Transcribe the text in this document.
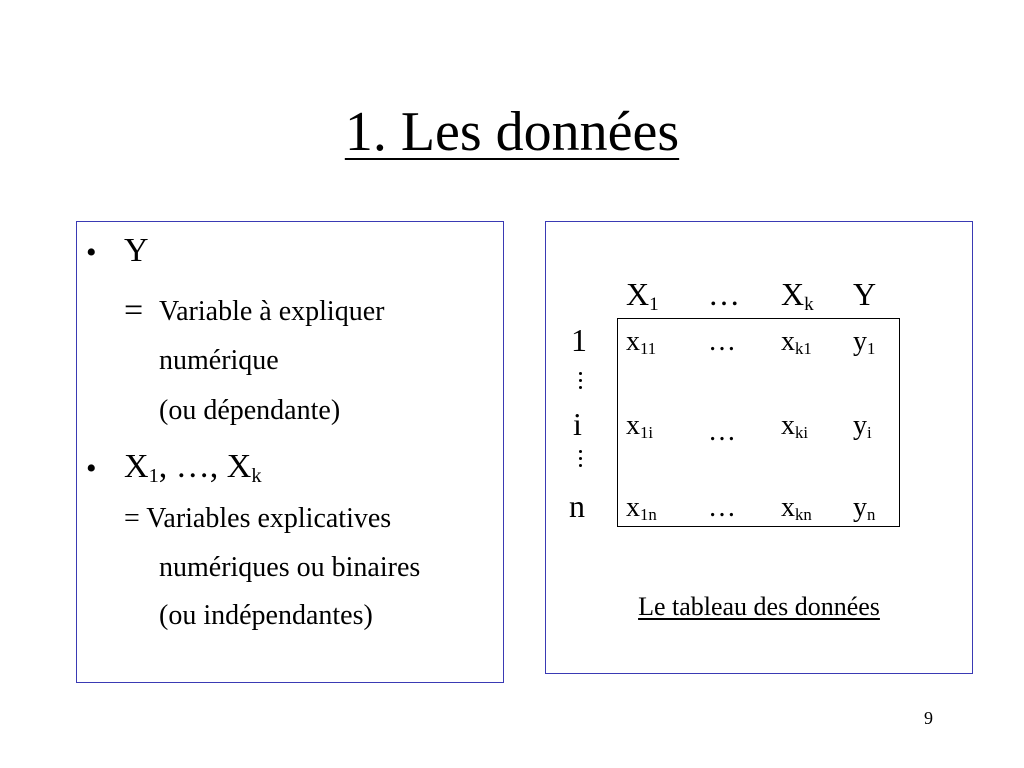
1. Les données
• Y
= Variable à expliquer
numérique
(ou dépendante)
• $X_1$, …, $X_k$
= Variables explicatives
numériques ou binaires
(ou indépendantes)
$X_1$ … $X_k$ Y
1
i
n
$x_{11}$ … $x_{k1}$ $y_1$
$x_{1i}$ … $x_{ki}$ $y_i$
$x_{1n}$ … $x_{kn}$ $y_n$
Le tableau des données
9
